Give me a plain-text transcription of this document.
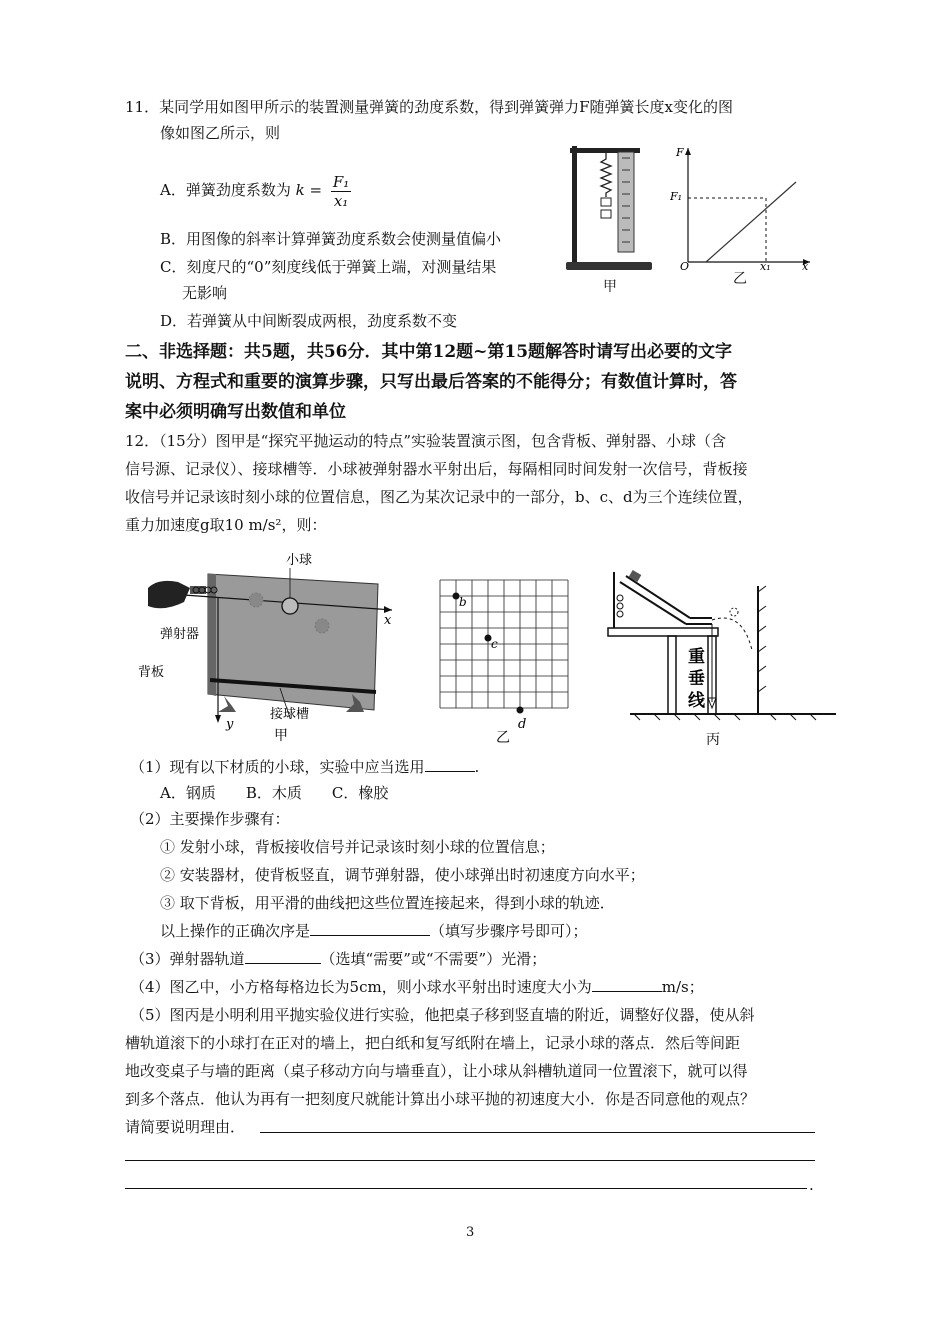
11．某同学用如图甲所示的装置测量弹簧的劲度系数，得到弹簧弹力F随弹簧长度x变化的图
像如图乙所示，则
A．弹簧劲度系数为 $k = \frac{\text{F₁}}{\text{x₁}}$
B．用图像的斜率计算弹簧劲度系数会使测量值偏小
C．刻度尺的“0”刻度线低于弹簧上端，对测量结果
无影响
D．若弹簧从中间断裂成两根，劲度系数不变
甲
F
F₁
O	x₁	x
乙
二、非选择题：共5题，共56分．其中第12题~第15题解答时请写出必要的文字
说明、方程式和重要的演算步骤，只写出最后答案的不能得分；有数值计算时，答
案中必须明确写出数值和单位
12．（15分）图甲是“探究平抛运动的特点”实验装置演示图，包含背板、弹射器、小球（含
信号源、记录仪）、接球槽等．小球被弹射器水平射出后，每隔相同时间发射一次信号，背板接
收信号并记录该时刻小球的位置信息，图乙为某次记录中的一部分，b、c、d为三个连续位置，
重力加速度g取10 m/s²，则：
小球
弹射器
背板
接球槽
x
y
甲
b
c
d
乙
重
垂
线
丙
（1）现有以下材质的小球，实验中应当选用	.
A．钢质　　B．木质　　C．橡胶
（2）主要操作步骤有：
① 发射小球，背板接收信号并记录该时刻小球的位置信息；
② 安装器材，使背板竖直，调节弹射器，使小球弹出时初速度方向水平；
③ 取下背板，用平滑的曲线把这些位置连接起来，得到小球的轨迹．
以上操作的正确次序是	（填写步骤序号即可）；
（3）弹射器轨道	（选填“需要”或“不需要”）光滑；
（4）图乙中，小方格每格边长为5cm，则小球水平射出时速度大小为	m/s；
（5）图丙是小明利用平抛实验仪进行实验，他把桌子移到竖直墙的附近，调整好仪器，使从斜
槽轨道滚下的小球打在正对的墙上，把白纸和复写纸附在墙上，记录小球的落点．然后等间距
地改变桌子与墙的距离（桌子移动方向与墙垂直），让小球从斜槽轨道同一位置滚下，就可以得
到多个落点．他认为再有一把刻度尺就能计算出小球平抛的初速度大小．你是否同意他的观点？
请简要说明理由．
.
3
